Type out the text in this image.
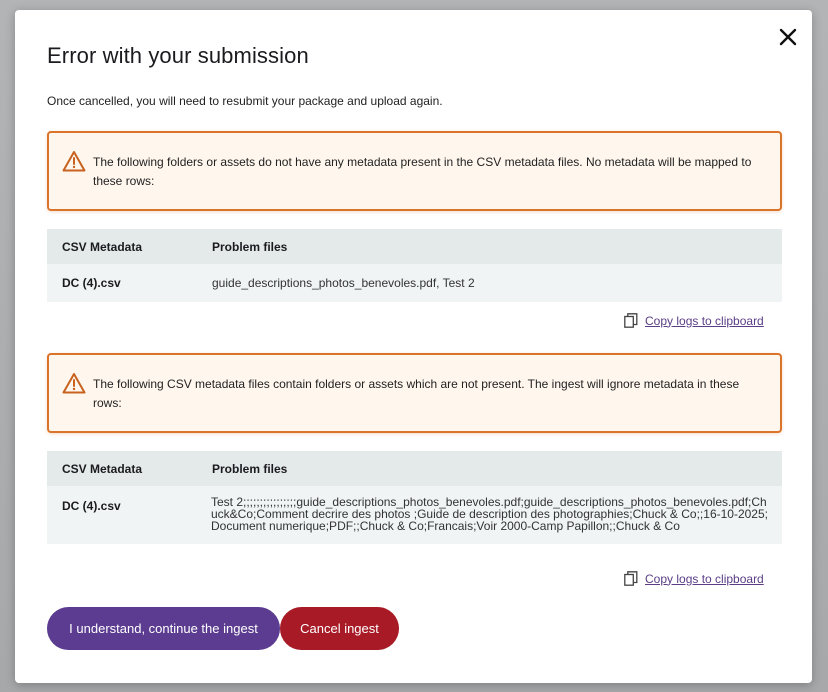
Error with your submission

Once cancelled, you will need to resubmit your package and upload again.

The following folders or assets do not have any metadata present in the CSV metadata files. No metadata will be mapped to these rows:

CSV Metadata	Problem files
DC (4).csv	guide_descriptions_photos_benevoles.pdf, Test 2
Copy logs to clipboard

The following CSV metadata files contain folders or assets which are not present. The ingest will ignore metadata in these rows:

CSV Metadata	Problem files
DC (4).csv	Test 2;;;;;;;;;;;;;;;;guide_descriptions_photos_benevoles.pdf;guide_descriptions_photos_benevoles.pdf;Chuck&Co;Comment decrire des photos ;Guide de description des photographies;Chuck & Co;;16-10-2025;Document numerique;PDF;;Chuck & Co;Francais;Voir 2000-Camp Papillon;;Chuck & Co
Copy logs to clipboard
I understand, continue the ingest	Cancel ingest
